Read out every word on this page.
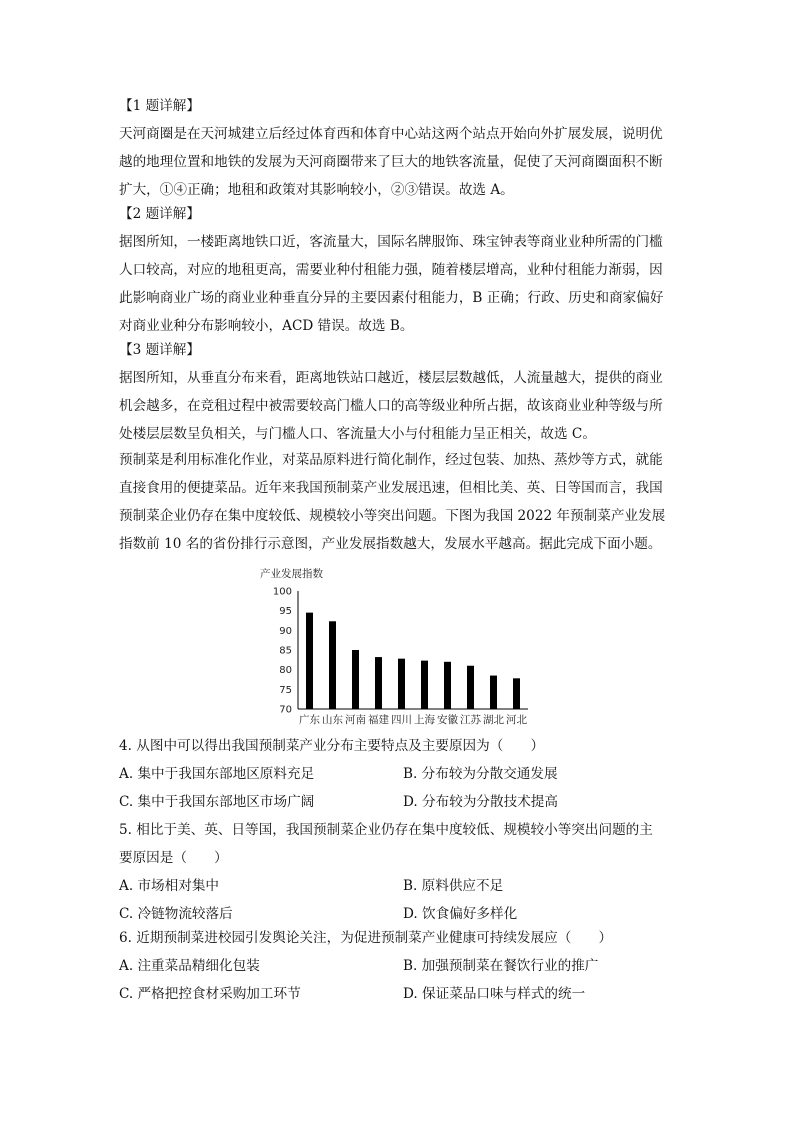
【1 题详解】

天河商圈是在天河城建立后经过体育西和体育中心站这两个站点开始向外扩展发展，说明优

越的地理位置和地铁的发展为天河商圈带来了巨大的地铁客流量，促使了天河商圈面积不断

扩大，①④正确；地租和政策对其影响较小，②③错误。故选 A。

【2 题详解】

据图所知，一楼距离地铁口近，客流量大，国际名牌服饰、珠宝钟表等商业业种所需的门槛

人口较高，对应的地租更高，需要业种付租能力强，随着楼层增高，业种付租能力渐弱，因

此影响商业广场的商业业种垂直分异的主要因素付租能力，B 正确；行政、历史和商家偏好

对商业业种分布影响较小，ACD 错误。故选 B。

【3 题详解】

据图所知，从垂直分布来看，距离地铁站口越近，楼层层数越低，人流量越大，提供的商业

机会越多，在竞租过程中被需要较高门槛人口的高等级业种所占据，故该商业业种等级与所

处楼层层数呈负相关，与门槛人口、客流量大小与付租能力呈正相关，故选 C。

预制菜是利用标准化作业，对菜品原料进行简化制作，经过包装、加热、蒸炒等方式，就能

直接食用的便捷菜品。近年来我国预制菜产业发展迅速，但相比美、英、日等国而言，我国

预制菜企业仍存在集中度较低、规模较小等突出问题。下图为我国 2022 年预制菜产业发展

指数前 10 名的省份排行示意图，产业发展指数越大，发展水平越高。据此完成下面小题。

产业发展指数
100
95
90
85
80
75
70
广东 山东 河南 福建 四川 上海 安徽 江苏 湖北 河北

4. 从图中可以得出我国预制菜产业分布主要特点及主要原因为（　　）

A. 集中于我国东部地区原料充足	B. 分布较为分散交通发展
C. 集中于我国东部地区市场广阔	D. 分布较为分散技术提高

5. 相比于美、英、日等国，我国预制菜企业仍存在集中度较低、规模较小等突出问题的主

要原因是（　　）

A. 市场相对集中	B. 原料供应不足
C. 冷链物流较落后	D. 饮食偏好多样化

6. 近期预制菜进校园引发舆论关注，为促进预制菜产业健康可持续发展应（　　）

A. 注重菜品精细化包装	B. 加强预制菜在餐饮行业的推广
C. 严格把控食材采购加工环节	D. 保证菜品口味与样式的统一
